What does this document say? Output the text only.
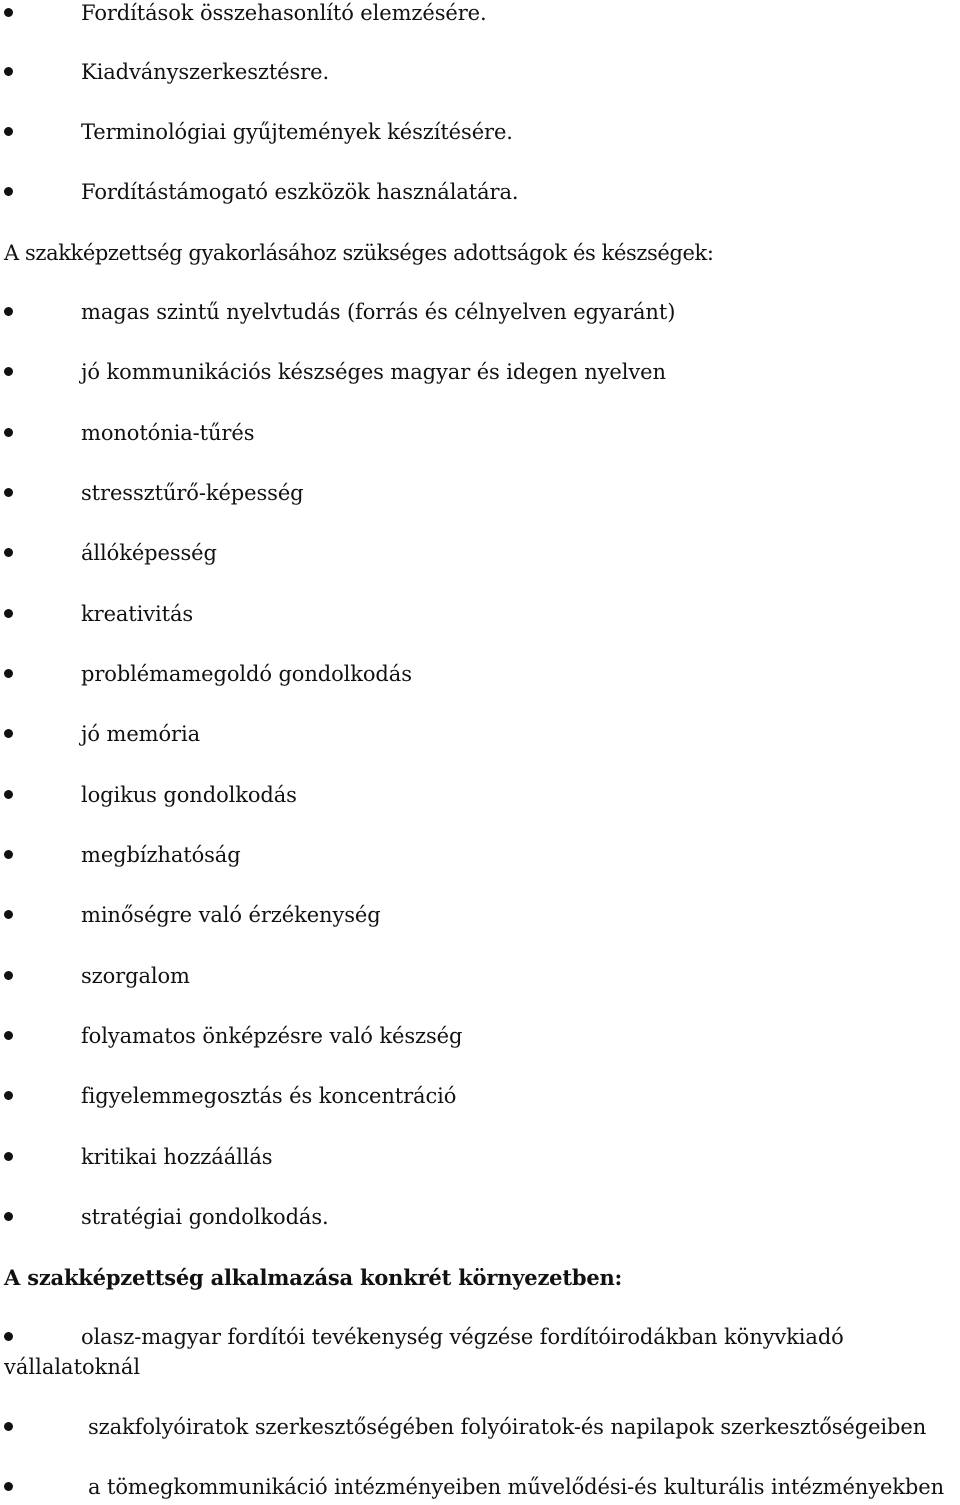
Fordítások összehasonlító elemzésére.
Kiadványszerkesztésre.
Terminológiai gyűjtemények készítésére.
Fordítástámogató eszközök használatára.
A szakképzettség gyakorlásához szükséges adottságok és készségek:
magas szintű nyelvtudás (forrás és célnyelven egyaránt)
jó kommunikációs készséges magyar és idegen nyelven
monotónia-tűrés
stressztűrő-képesség
állóképesség
kreativitás
problémamegoldó gondolkodás
jó memória
logikus gondolkodás
megbízhatóság
minőségre való érzékenység
szorgalom
folyamatos önképzésre való készség
figyelemmegosztás és koncentráció
kritikai hozzáállás
stratégiai gondolkodás.
A szakképzettség alkalmazása konkrét környezetben:
olasz-magyar fordítói tevékenység végzése fordítóirodákban könyvkiadó
vállalatoknál
szakfolyóiratok szerkesztőségében folyóiratok-és napilapok szerkesztőségeiben
a tömegkommunikáció intézményeiben művelődési-és kulturális intézményekben
